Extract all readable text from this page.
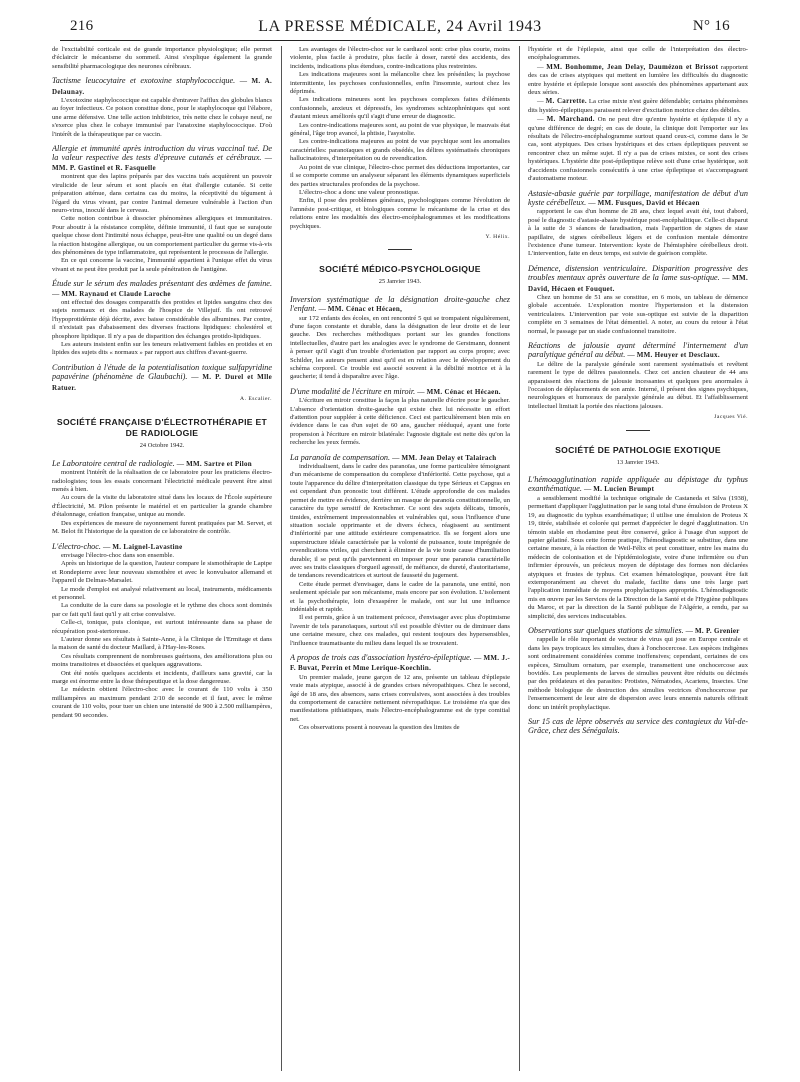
216	LA PRESSE MÉDICALE, 24 Avril 1943	N° 16

de l'excitabilité corticale est de grande importance physiologique; elle permet d'éclaircir le mécanisme du sommeil. Ainsi s'explique également la grande sensibilité pharmacologique des neurones cérébraux.

Tactisme leucocytaire et exotoxine staphylococcique. — M. A. Delaunay.

L'exotoxine staphylococcique est capable d'entraver l'afflux des globules blancs au foyer infectieux. Ce poison constitue donc, pour le staphylocoque qui l'élabore, une arme défensive. Une telle action inhibitrice, très nette chez le cobaye neuf, ne s'exerce plus chez le cobaye immunisé par l'anatoxine staphylococcique. D'où l'intérêt de la thérapeutique par ce vaccin.

Allergie et immunité après introduction du virus vaccinal tué. De la valeur respective des tests d'épreuve cutanés et cérébraux. — MM. P. Gastinel et R. Fasquelle

montrent que des lapins préparés par des vaccins tués acquièrent un pouvoir virulicide de leur sérum et sont placés en état d'allergie cutanée. Si cette préparation atténue, dans certains cas du moins, la réceptivité du tégument à l'égard du virus vivant, par contre l'animal demeure vulnérable à l'action d'un neuro-virus, inoculé dans le cerveau.

Cette notion contribue à dissocier phénomènes allergiques et immunitaires. Pour aboutir à la résistance complète, définie immunité, il faut que se surajoute quelque chose dont l'intimité nous échappe, peut-être une qualité ou un degré dans la réaction histogène allergique, ou un comportement particulier du germe vis-à-vis des phénomènes de type inflammatoire, qui représentent le processus de l'allergie.

En ce qui concerne la vaccine, l'immunité appartient à l'unique effet du virus vivant et ne peut être produit par la seule pénétration de l'antigène.

Étude sur le sérum des malades présentant des œdèmes de famine. — MM. Raynaud et Claude Laroche

ont effectué des dosages comparatifs des protides et lipides sanguins chez des sujets normaux et des malades de l'hospice de Villejuif. Ils ont retrouvé l'hypoprotidémie déjà décrite, avec baisse considérable des albumines. Par contre, il n'existait pas d'abaissement des diverses fractions lipidiques: cholestérol et phosphore lipidique. Il n'y a pas de disparition des échanges protido-lipidiques.

Les auteurs insistent enfin sur les teneurs relativement faibles en protides et en lipides des sujets dits « normaux » par rapport aux chiffres d'avant-guerre.

Contribution à l'étude de la potentialisation toxique sulfapyridine papavérine (phénomène de Glaubachi). — M. P. Durel et Mlle Ratuer.

A. Escalier.

SOCIÉTÉ FRANÇAISE D'ÉLECTROTHÉRAPIE ET DE RADIOLOGIE
24 Octobre 1942.

Le Laboratoire central de radiologie. — MM. Sartre et Pilon

montrent l'intérêt de la réalisation de ce laboratoire pour les praticiens électro-radiologistes; tous les essais concernant l'électricité médicale peuvent être ainsi menés à bien.

Au cours de la visite du laboratoire situé dans les locaux de l'École supérieure d'Électricité, M. Pilon présente le matériel et en particulier la grande chambre d'étalonnage, création française, unique au monde.

Des expériences de mesure de rayonnement furent pratiquées par M. Servet, et M. Belot fit l'historique de la question de ce laboratoire de contrôle.

L'électro-choc. — M. Laignel-Lavastine

envisage l'électro-choc dans son ensemble.

Après un historique de la question, l'auteur compare le sismothérapie de Lapipe et Rondepierre avec leur nouveau sismothère et avec le konvulsator allemand et l'appareil de Delmas-Marsalet.

Le mode d'emploi est analysé relativement au local, instruments, médicaments et personnel.

La conduite de la cure dans sa posologie et le rythme des chocs sont dominés par ce fait qu'il faut qu'il y ait crise convulsive.

Celle-ci, tonique, puis clonique, est surtout intéressante dans sa phase de récupération post-stertoreuse.

L'auteur donne ses résultats à Sainte-Anne, à la Clinique de l'Ermitage et dans la maison de santé du docteur Maillard, à l'Hay-les-Roses.

Ces résultats comprennent de nombreuses guérisons, des améliorations plus ou moins transitoires et dissociées et quelques aggravations.

Ont été notés quelques accidents et incidents, d'ailleurs sans gravité, car la marge est énorme entre la dose thérapeutique et la dose dangereuse.

Le médecin obtient l'électro-choc avec le courant de 110 volts à 350 milliampères au maximum pendant 2/10 de seconde et il faut, avec le même courant de 110 volts, pour tuer un chien une intensité de 900 à 2.500 milliampères, pendant 90 secondes.

Les avantages de l'électro-choc sur le cardiazol sont: crise plus courte, moins violente, plus facile à produire, plus facile à doser, rareté des accidents, des incidents, indications plus étendues, contre-indications plus restreintes.

Les indications majeures sont la mélancolie chez les préséniles; la psychose intermittente, les psychoses confusionnelles, enfin l'insomnie, surtout chez les déprimés.

Les indications mineures sont les psychoses complexes faites d'éléments confusionnels, anxieux et dépressifs, les syndromes schizophréniques qui sont d'autant mieux améliorés qu'il s'agit d'une erreur de diagnostic.

Les contre-indications majeures sont, au point de vue physique, le mauvais état général, l'âge trop avancé, la phtisie, l'asystolie.

Les contre-indications majeures au point de vue psychique sont les anomalies caractérielles: paranoïaques et grands obsédés, les délires systématisés chroniques hallucinatoires, d'interprétation ou de revendication.

Au point de vue clinique, l'électro-choc permet des déductions importantes, car il se comporte comme un analyseur séparant les éléments dynamiques superficiels des parties structurales profondes de la psychose.

L'électro-choc a donc une valeur pronostique.

Enfin, il pose des problèmes généraux, psychologiques comme l'évolution de l'amnésie post-critique, et biologiques comme le mécanisme de la crise et des relations entre les modalités des électro-encéphalogrammes et les modifications psychiques.

Y. Hélix.

SOCIÉTÉ MÉDICO-PSYCHOLOGIQUE
25 Janvier 1943.

Inversion systématique de la désignation droite-gauche chez l'enfant. — MM. Cénac et Hécaen,

sur 172 enfants des écoles, en ont rencontré 5 qui se trompaient régulièrement, d'une façon constante et durable, dans la désignation de leur droite et de leur gauche. Des recherches méthodiques portant sur les grandes fonctions intellectuelles, d'autre part les analogies avec le syndrome de Gerstmann, donnent à penser qu'il s'agit d'un trouble d'orientation par rapport au corps propre; avec Schilder, les auteurs pensent ainsi qu'il est en relation avec le développement du schéma corporel. Ce trouble est associé souvent à la débilité motrice et à la gaucherie; il tend à disparaître avec l'âge.

D'une modalité de l'écriture en miroir. — MM. Cénac et Hécaen.

L'écriture en miroir constitue la façon la plus naturelle d'écrire pour le gaucher. L'absence d'orientation droite-gauche qui existe chez lui nécessite un effort d'attention pour suppléer à cette déficience. Ceci est particulièrement bien mis en évidence dans le cas d'un sujet de 60 ans, gaucher rééduqué, ayant une forte propension à l'écriture en miroir bilatérale: l'agnosie digitale est nette dès qu'on la recherche les yeux fermés.

La paranoïa de compensation. — MM. Jean Delay et Talairach

individualisent, dans le cadre des paranoïas, une forme particulière témoignant d'un mécanisme de compensation du complexe d'infériorité. Cette psychose, qui a toute l'apparence du délire d'interprétation classique du type Sérieux et Capgras en est cependant d'un pronostic tout différent. L'étude approfondie de ces malades permet de mettre en évidence, derrière un masque de paranoïa constitutionnelle, un caractère du type sensitif de Kretschmer. Ce sont des sujets délicats, timorés, timides, extrêmement impressionnables et vulnérables qui, sous l'influence d'une situation sociale opprimante et de divers échecs, réagissent au sentiment d'infériorité par une attitude extérieure compensatrice. Ils se forgent alors une superstructure idéale caractérisée par la volonté de puissance, toute imprégnée de revendications viriles, qui cherchent à éliminer de la vie toute cause d'humiliation durable; il se peut qu'ils parviennent en imposer pour une paranoïa caractérielle avec ses traits classiques d'orgueil agressif, de méfiance, de dureté, d'autoritarisme, de tendances revendicatrices et surtout de fausseté du jugement.

Cette étude permet d'envisager, dans le cadre de la paranoïa, une entité, non seulement spéciale par son mécanisme, mais encore par son évolution. L'isolement et la psychothérapie, loin d'exaspérer le malade, ont sur lui une influence indéniable et rapide.

Il est permis, grâce à un traitement précoce, d'envisager avec plus d'optimisme l'avenir de tels paranoïaques, surtout s'il est possible d'éviter ou de diminuer dans une certaine mesure, chez ces malades, qui restent toujours des hypersensibles, l'influence traumatisante du milieu dans lequel ils se trouvaient.

A propos de trois cas d'association hystéro-épileptique. — MM. J.-F. Buvat, Perrin et Mme Lerique-Koechlin.

Un premier malade, jeune garçon de 12 ans, présente un tableau d'épilepsie vraie mais atypique, associé à de grandes crises névropathiques. Chez le second, âgé de 18 ans, des absences, sans crises convulsives, sont associées à des troubles du comportement de caractère nettement névropathique. Le troisième n'a que des manifestations pithiatiques, mais l'électro-encéphalogramme est de type comitial net.

Ces observations posent à nouveau la question des limites de

l'hystérie et de l'épilepsie, ainsi que celle de l'interprétation des électro-encéphalogrammes.

— MM. Bonhomme, Jean Delay, Daumézon et Brissot rapportent des cas de crises atypiques qui mettent en lumière les difficultés du diagnostic entre hystérie et épilepsie lorsque sont associés des phénomènes appartenant aux deux séries.

— M. Carrette. La crise mixte n'est guère défendable; certains phénomènes dits hystéro-épileptiques paraissent relever d'excitation motrice chez des débiles.

— M. Marchand. On ne peut dire qu'entre hystérie et épilepsie il n'y a qu'une différence de degré; en cas de doute, la clinique doit l'emporter sur les résultats de l'électro-encéphalogramme surtout quand ceux-ci, comme dans le 3e cas, sont atypiques. Des crises hystériques et des crises épileptiques peuvent se rencontrer chez un même sujet. Il n'y a pas de crises mixtes, ce sont des crises hystériques. L'hystérie dite post-épileptique relève soit d'une crise hystérique, soit d'accidents confusionnels consécutifs à une crise épileptique et s'accompagnant d'automatisme moteur.

Astasie-abasie guérie par torpillage, manifestation de début d'un kyste cérébelleux. — MM. Fusques, David et Hécaen

rapportent le cas d'un homme de 28 ans, chez lequel avait été, tout d'abord, posé le diagnostic d'astasie-abasie hystérique post-encéphalitique. Celle-ci disparut à la suite de 3 séances de faradisation, mais l'apparition de signes de stase papillaire, de signes cérébelleux légers et de confusion mentale démontre l'existence d'une tumeur. Intervention: kyste de l'hémisphère cérébelleux droit. L'intervention, faite en deux temps, est suivie de guérison complète.

Démence, distension ventriculaire. Disparition progressive des troubles mentaux après ouverture de la lame sus-optique. — MM. David, Hécaen et Fouquet.

Chez un homme de 51 ans se constitue, en 6 mois, un tableau de démence globale accentuée. L'exploration montre l'hypertension et la distension ventriculaires. L'intervention par voie sus-optique est suivie de la disparition complète en 3 semaines de l'état démentiel. A noter, au cours du retour à l'état normal, le passage par un stade confusionnel transitoire.

Réactions de jalousie ayant déterminé l'internement d'un paralytique général au début. — MM. Heuyer et Desclaux.

Le délire de la paralysie générale sont rarement systématisés et revêtent rarement le type de délires passionnels. Chez cet ancien chauteur de 44 ans apparaissent des réactions de jalousie incessantes et quelques peu anormales à l'occasion de déplacements de son amie. Interné, il présent des signes psychiques, neurologiques et humoraux de paralysie générale au début. Et l'affaiblissement intellectuel limitait la portée des réactions jalouses.

Jacques Vié.

SOCIÉTÉ DE PATHOLOGIE EXOTIQUE
13 Janvier 1943.

L'hémoagglutination rapide appliquée au dépistage du typhus exanthématique. — M. Lucien Brumpt

a sensiblement modifié la technique originale de Castaneda et Silva (1938), permettant d'appliquer l'agglutination par le sang total d'une émulsion de Proteus X 19, au diagnostic du typhus exanthématique; il utilise une émulsion de Proteus X 19, titrée, stabilisée et colorée qui permet d'apprécier le degré d'agglutination. Un témoin stable en rhodamine peut être conservé, grâce à l'usage d'un support de papier gélatiné. Sous cette forme pratique, l'hémodiagnostic se substitue, dans une certaine mesure, à la réaction de Weil-Félix et peut constituer, entre les mains du médecin de colonisation et de l'épidémiologiste, voire d'une infirmière ou d'un infirmier éprouvés, un précieux moyen de dépistage des formes non déclarées atypiques et frustes de typhus. Cet examen hématologique, pouvant être fait extemporanément au chevet du malade, facilite dans une très large part l'application immédiate de moyens prophylactiques appropriés. L'hémodiagnostic mis en œuvre par les Services de la Direction de la Santé et de l'Hygiène publiques du Maroc, et par la direction de la Santé publique de l'Algérie, a rendu, par sa simplicité, des services indiscutables.

Observations sur quelques stations de simulies. — M. P. Grenier

rappelle le rôle important de vecteur de virus qui joue en Europe centrale et dans les pays tropicaux les simulies, dues à l'onchocercose. Les espèces indigènes sont ordinairement considérées comme inoffensives; cependant, certaines de ces espèces, Simulium ornatum, par exemple, transmettent une onchocercose aux bovidés. Les peuplements de larves de simulies peuvent être réduits ou décimés par des prédateurs et des parasites: Protistes, Nématodes, Acariens, Insectes. Une méthode biologique de destruction des simulies vectrices d'onchocercose par l'ensemencement de leur aire de dispersion avec leurs ennemis naturels offrirait donc un intérêt prophylactique.

Sur 15 cas de lèpre observés au service des contagieux du Val-de-Grâce, chez des Sénégalais.
